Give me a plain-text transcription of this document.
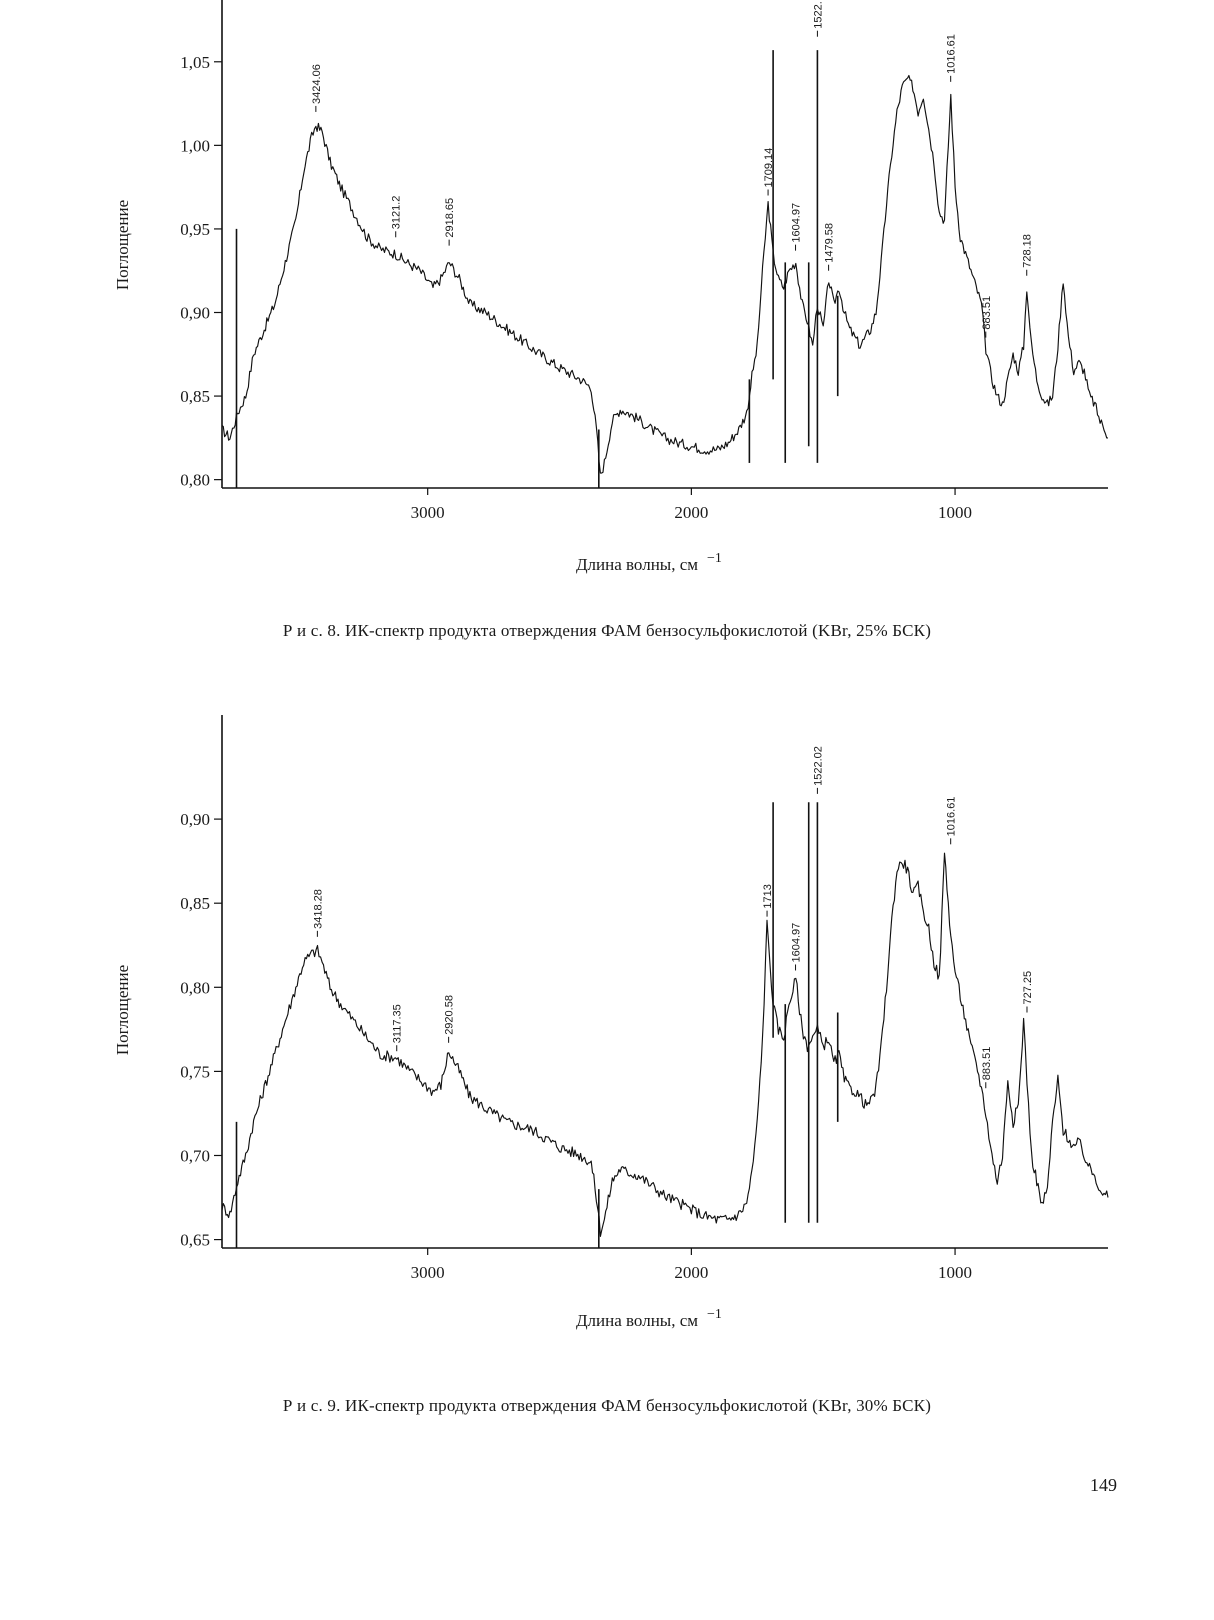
0,80
0,85
0,90
0,95
1,00
1,05
3000	2000	1000
Поглощение
Длина волны, см −1
3424.06
3121.2	2918.65
1709.14
1604.97
1522.
1479.58
1016.61
883.51
728.18
Р и с. 8. ИК-спектр продукта отверждения ФАМ бензосульфокислотой (KBr, 25% БСК)
0,65
0,70
0,75
0,80
0,85
0,90
3000	2000	1000
Поглощение
Длина волны, см −1
3418.28
3117.35	2920.58
1713
1604.97
1522.02
1016.61
883.51
727.25
Р и с. 9. ИК-спектр продукта отверждения ФАМ бензосульфокислотой (KBr, 30% БСК)
149
